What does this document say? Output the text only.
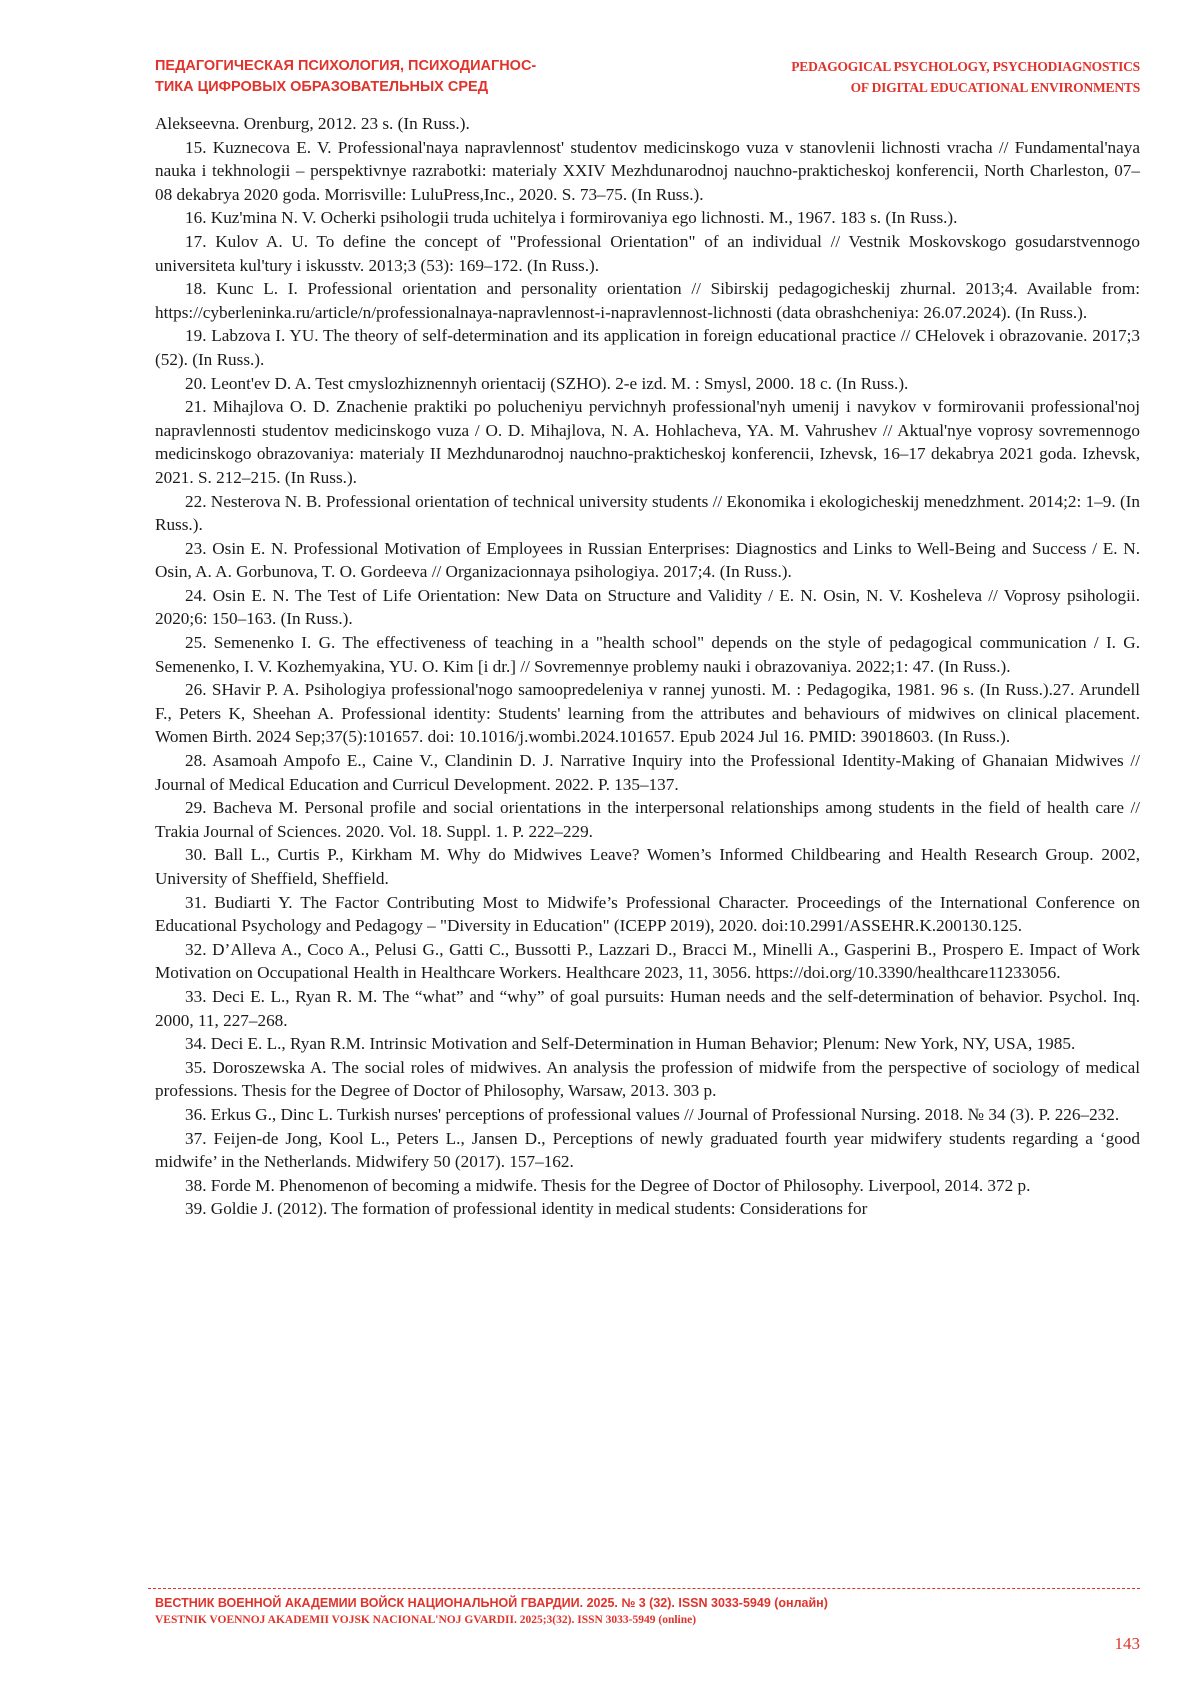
ПЕДАГОГИЧЕСКАЯ ПСИХОЛОГИЯ, ПСИХОДИАГНОС-
ТИКА ЦИФРОВЫХ ОБРАЗОВАТЕЛЬНЫХ СРЕД
PEDAGOGICAL PSYCHOLOGY, PSYCHODIAGNOSTICS
OF DIGITAL EDUCATIONAL ENVIRONMENTS

Alekseevna. Orenburg, 2012. 23 s. (In Russ.).

15. Kuznecova E. V. Professional'naya napravlennost' studentov medicinskogo vuza v stanovlenii lichnosti vracha // Fundamental'naya nauka i tekhnologii – perspektivnye razrabotki: materialy XXIV Mezhdunarodnoj nauchno-prakticheskoj konferencii, North Charleston, 07–08 dekabrya 2020 goda. Morrisville: LuluPress,Inc., 2020. S. 73–75. (In Russ.).

16. Kuz'mina N. V. Ocherki psihologii truda uchitelya i formirovaniya ego lichnosti. M., 1967. 183 s. (In Russ.).

17. Kulov A. U. To define the concept of "Professional Orientation" of an individual // Vestnik Moskovskogo gosudarstvennogo universiteta kul'tury i iskusstv. 2013;3 (53): 169–172. (In Russ.).

18. Kunc L. I. Professional orientation and personality orientation // Sibirskij pedagogicheskij zhurnal. 2013;4. Available from: https://cyberleninka.ru/article/n/professionalnaya-napravlennost-i-napravlennost-lichnosti (data obrashcheniya: 26.07.2024). (In Russ.).

19. Labzova I. YU. The theory of self-determination and its application in foreign educational practice // CHelovek i obrazovanie. 2017;3 (52). (In Russ.).

20. Leont'ev D. A. Test cmyslozhiznennyh orientacij (SZHO). 2-e izd. M. : Smysl, 2000. 18 c. (In Russ.).

21. Mihajlova O. D. Znachenie praktiki po polucheniyu pervichnyh professional'nyh umenij i navykov v formirovanii professional'noj napravlennosti studentov medicinskogo vuza / O. D. Mihajlova, N. A. Hohlacheva, YA. M. Vahrushev // Aktual'nye voprosy sovremennogo medicinskogo obrazovaniya: materialy II Mezhdunarodnoj nauchno-prakticheskoj konferencii, Izhevsk, 16–17 dekabrya 2021 goda. Izhevsk, 2021. S. 212–215. (In Russ.).

22. Nesterova N. B. Professional orientation of technical university students // Ekonomika i ekologicheskij menedzhment. 2014;2: 1–9. (In Russ.).

23. Osin E. N. Professional Motivation of Employees in Russian Enterprises: Diagnostics and Links to Well-Being and Success / E. N. Osin, A. A. Gorbunova, T. O. Gordeeva // Organizacionnaya psihologiya. 2017;4. (In Russ.).

24. Osin E. N. The Test of Life Orientation: New Data on Structure and Validity / E. N. Osin, N. V. Kosheleva // Voprosy psihologii. 2020;6: 150–163. (In Russ.).

25. Semenenko I. G. The effectiveness of teaching in a "health school" depends on the style of pedagogical communication / I. G. Semenenko, I. V. Kozhemyakina, YU. O. Kim [i dr.] // Sovremennye problemy nauki i obrazovaniya. 2022;1: 47. (In Russ.).

26. SHavir P. A. Psihologiya professional'nogo samoopredeleniya v rannej yunosti. M. : Pedagogika, 1981. 96 s. (In Russ.).27. Arundell F., Peters K, Sheehan A. Professional identity: Students' learning from the attributes and behaviours of midwives on clinical placement. Women Birth. 2024 Sep;37(5):101657. doi: 10.1016/j.wombi.2024.101657. Epub 2024 Jul 16. PMID: 39018603. (In Russ.).

28. Asamoah Ampofo E., Caine V., Clandinin D. J. Narrative Inquiry into the Professional Identity-Making of Ghanaian Midwives // Journal of Medical Education and Curricul Development. 2022. P. 135–137.

29. Bacheva M. Personal profile and social orientations in the interpersonal relationships among students in the field of health care // Trakia Journal of Sciences. 2020. Vol. 18. Suppl. 1. P. 222–229.

30. Ball L., Curtis P., Kirkham M. Why do Midwives Leave? Women’s Informed Childbearing and Health Research Group. 2002, University of Sheffield, Sheffield.

31. Budiarti Y. The Factor Contributing Most to Midwife’s Professional Character. Proceedings of the International Conference on Educational Psychology and Pedagogy – "Diversity in Education" (ICEPP 2019), 2020. doi:10.2991/ASSEHR.K.200130.125.

32. D’Alleva A., Coco A., Pelusi G., Gatti C., Bussotti P., Lazzari D., Bracci M., Minelli A., Gasperini B., Prospero E. Impact of Work Motivation on Occupational Health in Healthcare Workers. Healthcare 2023, 11, 3056. https://doi.org/10.3390/healthcare11233056.

33. Deci E. L., Ryan R. M. The “what” and “why” of goal pursuits: Human needs and the self-determination of behavior. Psychol. Inq. 2000, 11, 227–268.

34. Deci E. L., Ryan R.M. Intrinsic Motivation and Self-Determination in Human Behavior; Plenum: New York, NY, USA, 1985.

35. Doroszewska A. The social roles of midwives. An analysis the profession of midwife from the perspective of sociology of medical professions. Thesis for the Degree of Doctor of Philosophy, Warsaw, 2013. 303 p.

36. Erkus G., Dinc L. Turkish nurses' perceptions of professional values // Journal of Professional Nursing. 2018. № 34 (3). P. 226–232.

37. Feijen-de Jong, Kool L., Peters L., Jansen D., Perceptions of newly graduated fourth year midwifery students regarding a ‘good midwife’ in the Netherlands. Midwifery 50 (2017). 157–162.

38. Forde M. Phenomenon of becoming a midwife. Thesis for the Degree of Doctor of Philosophy. Liverpool, 2014. 372 p.

39. Goldie J. (2012). The formation of professional identity in medical students: Considerations for

ВЕСТНИК ВОЕННОЙ АКАДЕМИИ ВОЙСК НАЦИОНАЛЬНОЙ ГВАРДИИ. 2025. № 3 (32). ISSN 3033-5949 (онлайн)
VESTNIK VOENNOJ AKADEMII VOJSK NACIONAL'NOJ GVARDII. 2025;3(32). ISSN 3033-5949 (online)
143
